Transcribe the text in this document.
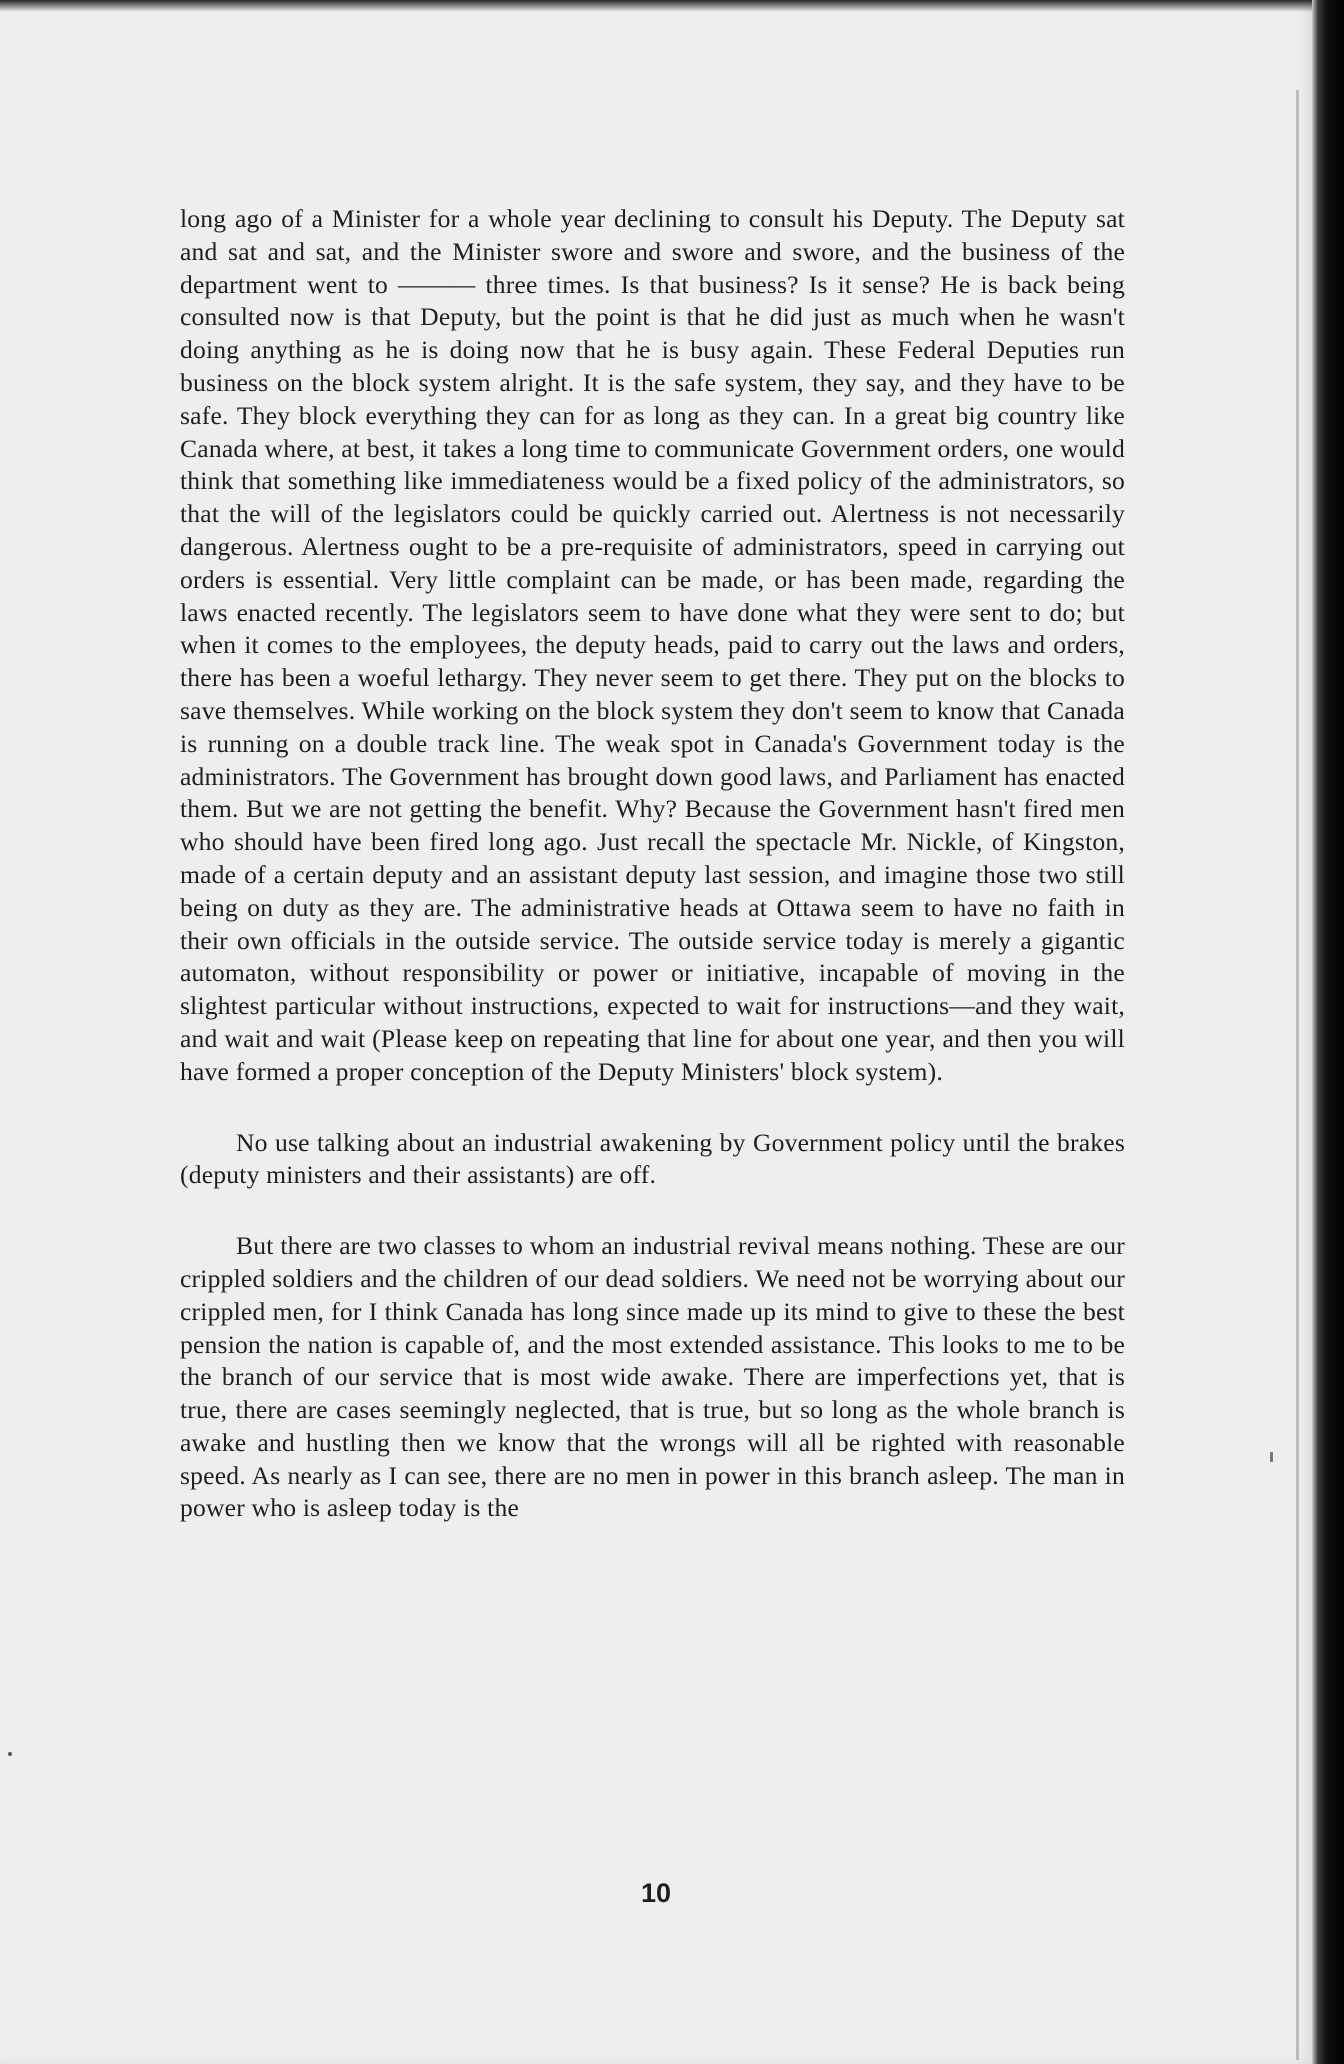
long ago of a Minister for a whole year declining to consult his Deputy. The Deputy sat and sat and sat, and the Minister swore and swore and swore, and the business of the department went to ——— three times. Is that business? Is it sense? He is back being consulted now is that Deputy, but the point is that he did just as much when he wasn't doing anything as he is doing now that he is busy again. These Federal Deputies run business on the block system alright. It is the safe system, they say, and they have to be safe. They block everything they can for as long as they can. In a great big country like Canada where, at best, it takes a long time to communicate Government orders, one would think that something like immediateness would be a fixed policy of the administrators, so that the will of the legislators could be quickly carried out. Alertness is not necessarily dangerous. Alertness ought to be a pre-requisite of administrators, speed in carrying out orders is essential. Very little complaint can be made, or has been made, regarding the laws enacted recently. The legislators seem to have done what they were sent to do; but when it comes to the employees, the deputy heads, paid to carry out the laws and orders, there has been a woeful lethargy. They never seem to get there. They put on the blocks to save themselves. While working on the block system they don't seem to know that Canada is running on a double track line. The weak spot in Canada's Government today is the administrators. The Government has brought down good laws, and Parliament has enacted them. But we are not getting the benefit. Why? Because the Government hasn't fired men who should have been fired long ago. Just recall the spectacle Mr. Nickle, of Kingston, made of a certain deputy and an assistant deputy last session, and imagine those two still being on duty as they are. The administrative heads at Ottawa seem to have no faith in their own officials in the outside service. The outside service today is merely a gigantic automaton, without responsibility or power or initiative, incapable of moving in the slightest particular without instructions, expected to wait for instructions—and they wait, and wait and wait (Please keep on repeating that line for about one year, and then you will have formed a proper conception of the Deputy Ministers' block system).

No use talking about an industrial awakening by Government policy until the brakes (deputy ministers and their assistants) are off.

But there are two classes to whom an industrial revival means nothing. These are our crippled soldiers and the children of our dead soldiers. We need not be worrying about our crippled men, for I think Canada has long since made up its mind to give to these the best pension the nation is capable of, and the most extended assistance. This looks to me to be the branch of our service that is most wide awake. There are imperfections yet, that is true, there are cases seemingly neglected, that is true, but so long as the whole branch is awake and hustling then we know that the wrongs will all be righted with reasonable speed. As nearly as I can see, there are no men in power in this branch asleep. The man in power who is asleep today is the

10
